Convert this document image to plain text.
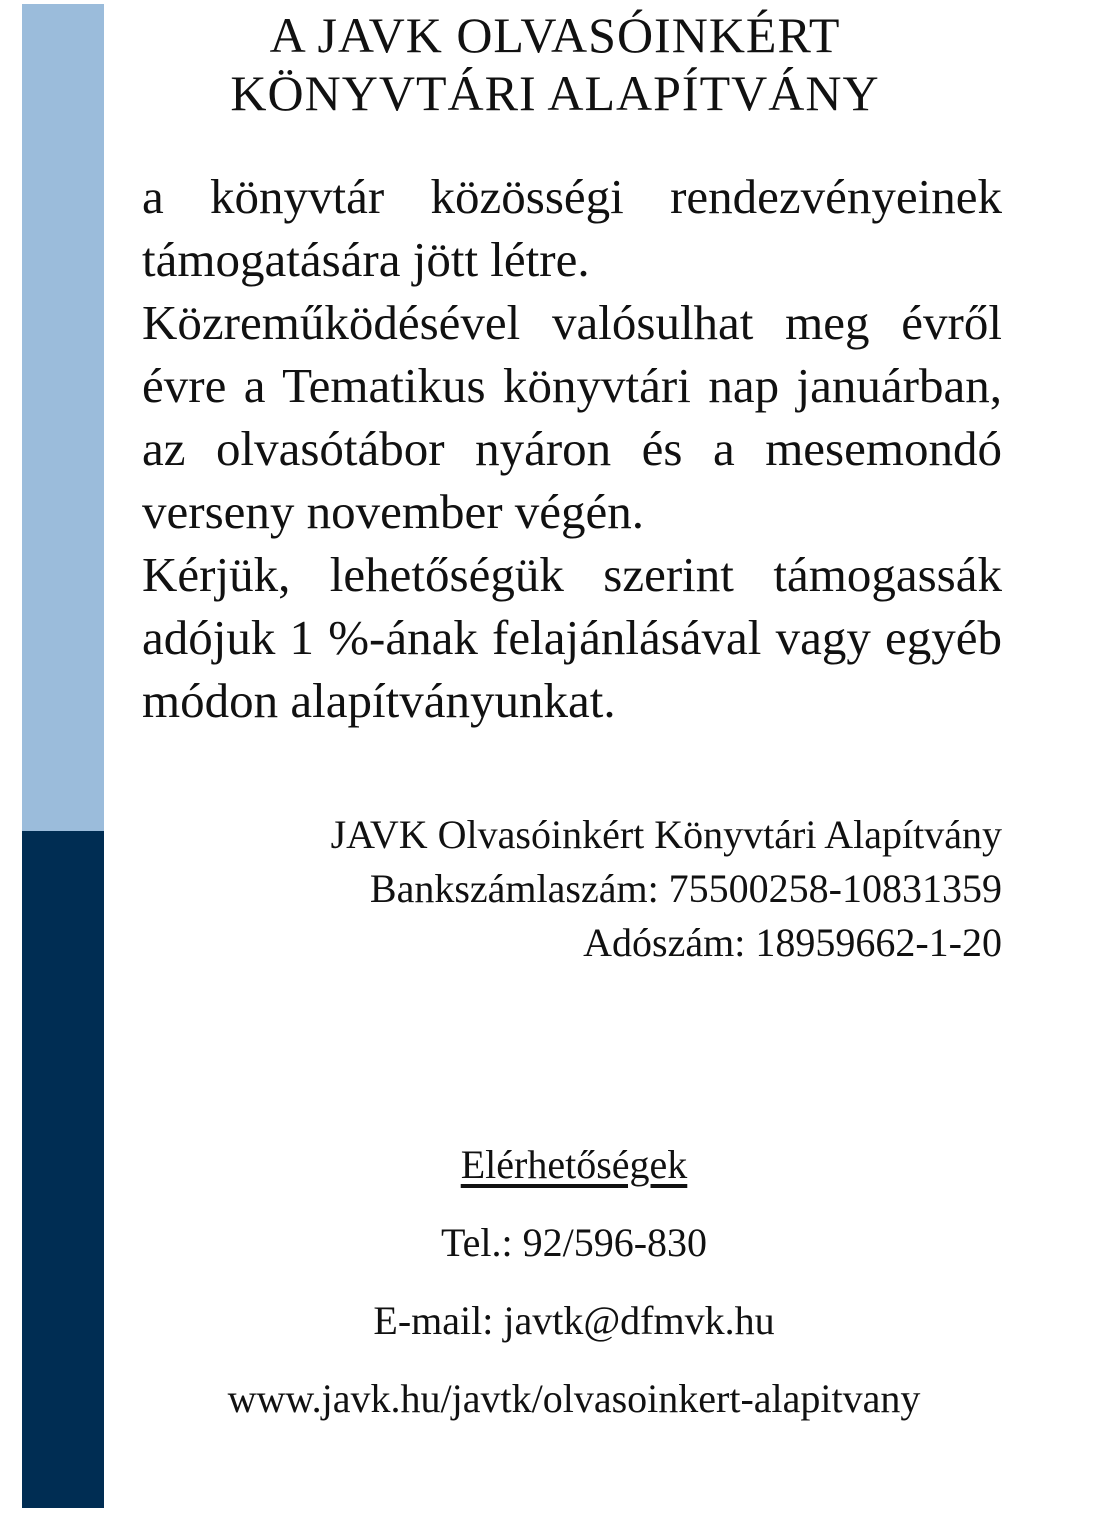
A JAVK OLVASÓINKÉRT
KÖNYVTÁRI ALAPÍTVÁNY

a könyvtár közösségi rendezvényeinek támogatására jött létre.

Közreműködésével valósulhat meg évről évre a Tematikus könyvtári nap januárban, az olvasótábor nyáron és a mesemondó verseny november végén.

Kérjük, lehetőségük szerint támogassák adójuk 1 %-ának felajánlásával vagy egyéb módon alapítványunkat.

JAVK Olvasóinkért Könyvtári Alapítvány
Bankszámlaszám: 75500258-10831359
Adószám: 18959662-1-20
Elérhetőségek
Tel.: 92/596-830
E-mail: javtk@dfmvk.hu
www.javk.hu/javtk/olvasoinkert-alapitvany
